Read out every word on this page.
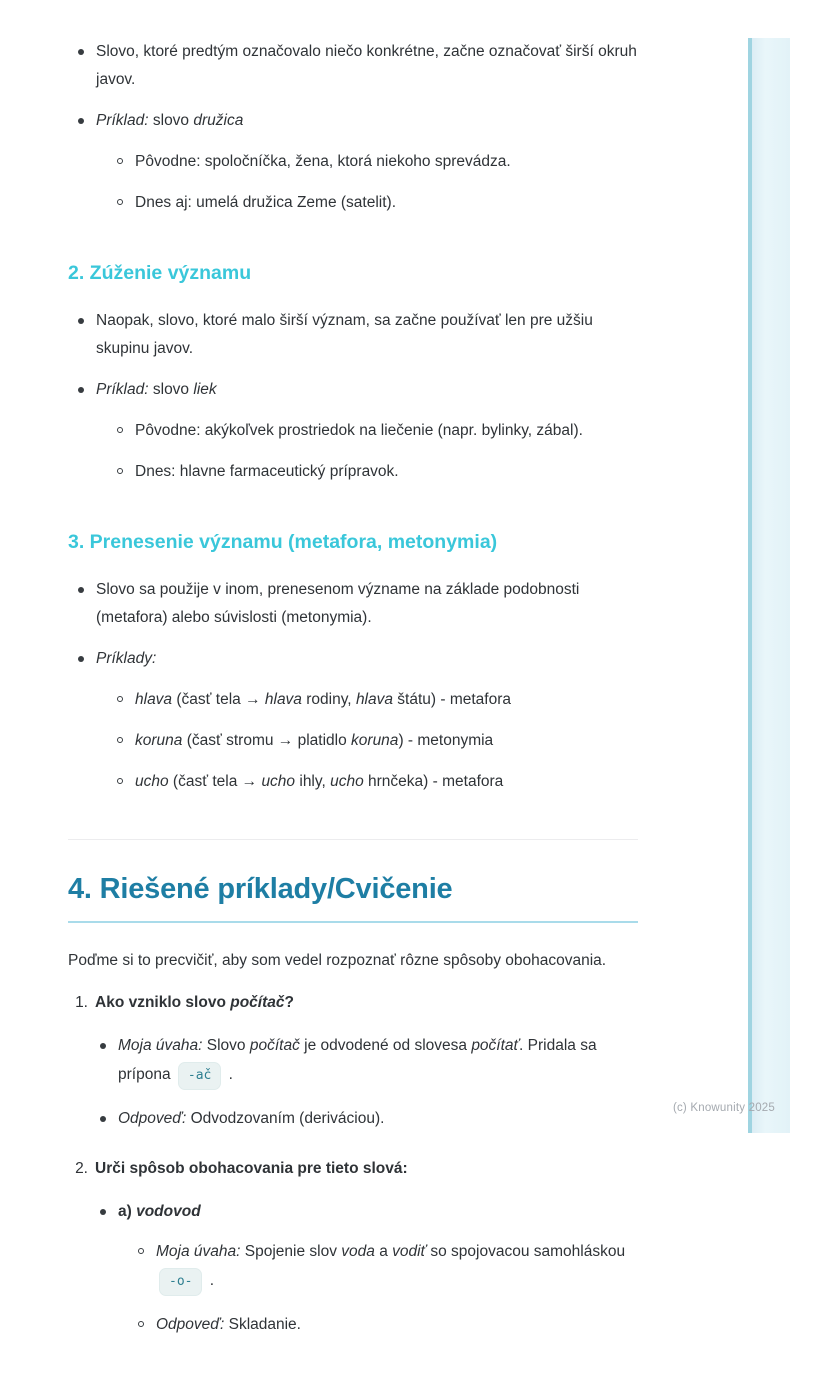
Slovo, ktoré predtým označovalo niečo konkrétne, začne označovať širší okruh javov.
Príklad: slovo družica
Pôvodne: spoločníčka, žena, ktorá niekoho sprevádza.
Dnes aj: umelá družica Zeme (satelit).
2. Zúženie významu
Naopak, slovo, ktoré malo širší význam, sa začne používať len pre užšiu skupinu javov.
Príklad: slovo liek
Pôvodne: akýkoľvek prostriedok na liečenie (napr. bylinky, zábal).
Dnes: hlavne farmaceutický prípravok.
3. Prenesenie významu (metafora, metonymia)
Slovo sa použije v inom, prenesenom význame na základe podobnosti (metafora) alebo súvislosti (metonymia).
Príklady:
hlava (časť tela → hlava rodiny, hlava štátu) - metafora
koruna (časť stromu → platidlo koruna) - metonymia
ucho (časť tela → ucho ihly, ucho hrnčeka) - metafora
4. Riešené príklady/Cvičenie

Poďme si to precvičiť, aby som vedel rozpoznať rôzne spôsoby obohacovania.

1. Ako vzniklo slovo počítač?
Moja úvaha: Slovo počítač je odvodené od slovesa počítať. Pridala sa prípona -ač .
Odpoveď: Odvodzovaním (deriváciou).
2. Urči spôsob obohacovania pre tieto slová:
a) vodovod
Moja úvaha: Spojenie slov voda a vodiť so spojovacou samohláskou -o- .
Odpoveď: Skladanie.
(c) Knowunity 2025
